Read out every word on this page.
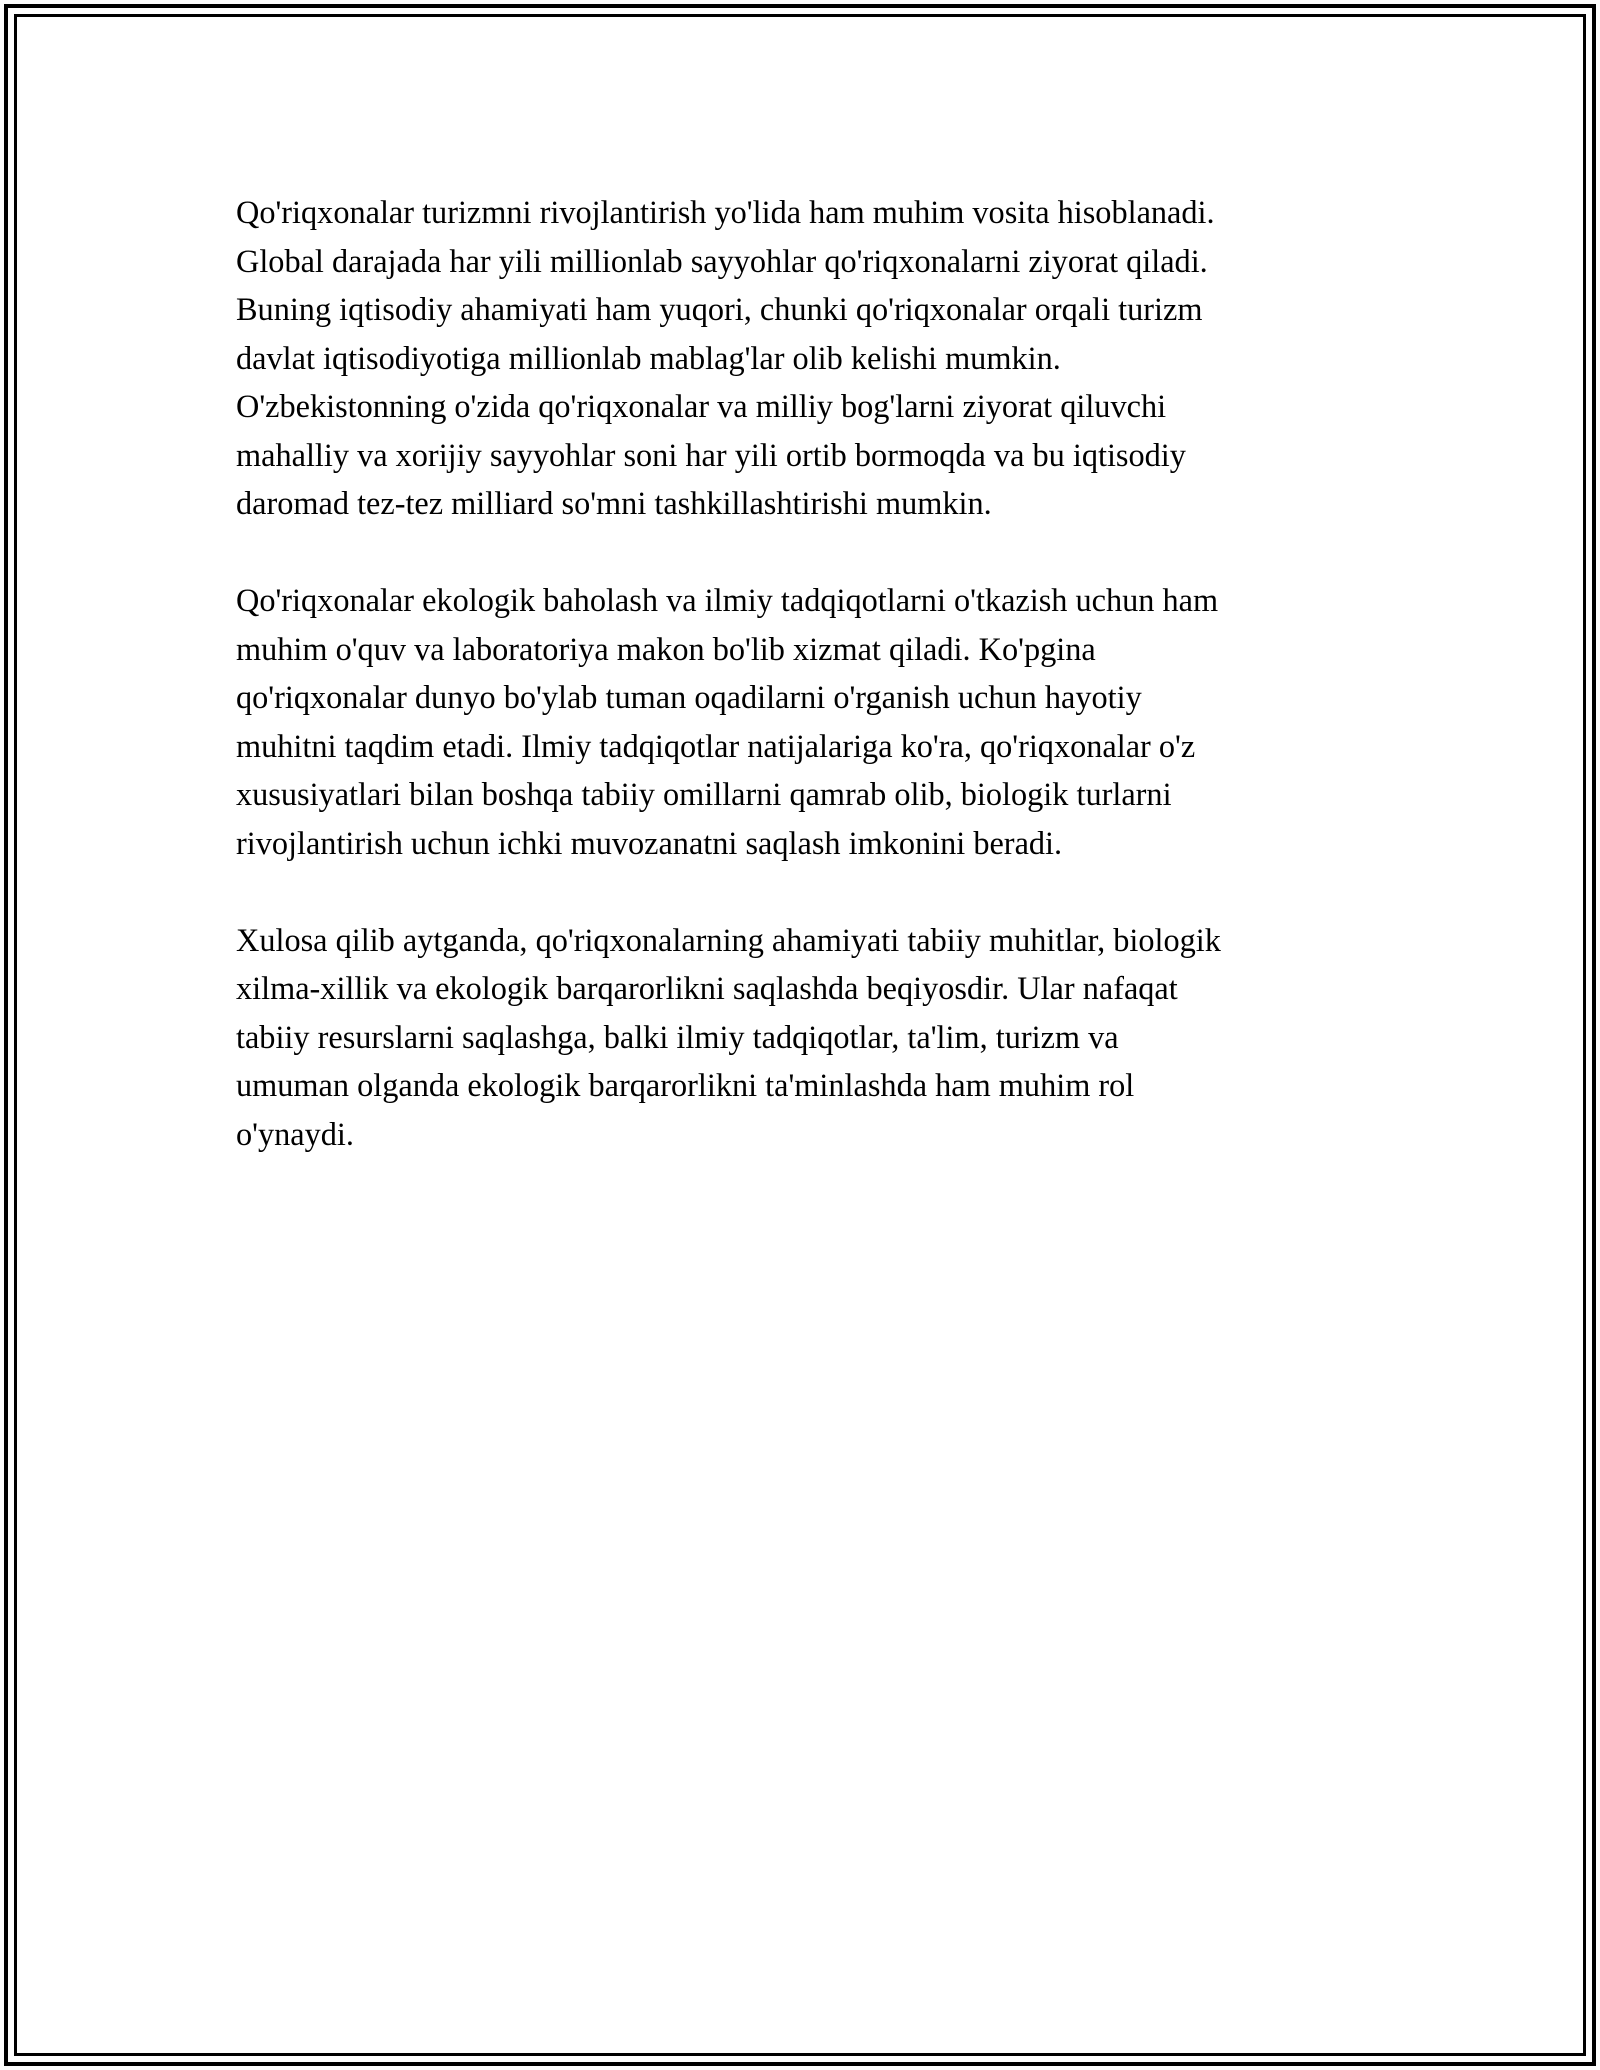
Qo'riqxonalar turizmni rivojlantirish yo'lida ham muhim vosita hisoblanadi.
Global darajada har yili millionlab sayyohlar qo'riqxonalarni ziyorat qiladi.
Buning iqtisodiy ahamiyati ham yuqori, chunki qo'riqxonalar orqali turizm
davlat iqtisodiyotiga millionlab mablag'lar olib kelishi mumkin.
O'zbekistonning o'zida qo'riqxonalar va milliy bog'larni ziyorat qiluvchi
mahalliy va xorijiy sayyohlar soni har yili ortib bormoqda va bu iqtisodiy
daromad tez-tez milliard so'mni tashkillashtirishi mumkin.

Qo'riqxonalar ekologik baholash va ilmiy tadqiqotlarni o'tkazish uchun ham
muhim o'quv va laboratoriya makon bo'lib xizmat qiladi. Ko'pgina
qo'riqxonalar dunyo bo'ylab tuman oqadilarni o'rganish uchun hayotiy
muhitni taqdim etadi. Ilmiy tadqiqotlar natijalariga ko'ra, qo'riqxonalar o'z
xususiyatlari bilan boshqa tabiiy omillarni qamrab olib, biologik turlarni
rivojlantirish uchun ichki muvozanatni saqlash imkonini beradi.

Xulosa qilib aytganda, qo'riqxonalarning ahamiyati tabiiy muhitlar, biologik
xilma-xillik va ekologik barqarorlikni saqlashda beqiyosdir. Ular nafaqat
tabiiy resurslarni saqlashga, balki ilmiy tadqiqotlar, ta'lim, turizm va
umuman olganda ekologik barqarorlikni ta'minlashda ham muhim rol
o'ynaydi.
